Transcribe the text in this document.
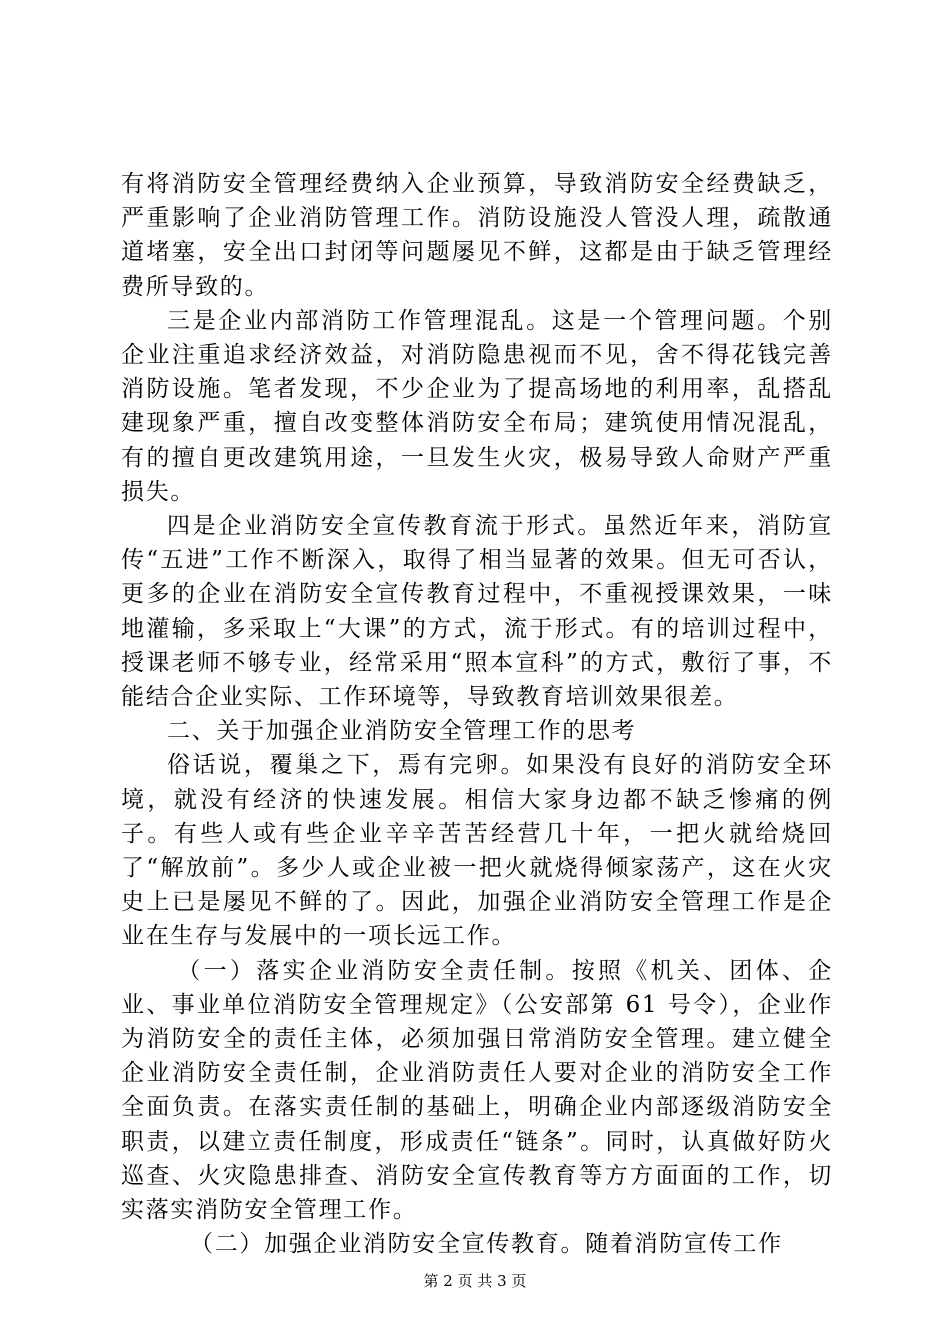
有将消防安全管理经费纳入企业预算，导致消防安全经费缺乏，严重影响了企业消防管理工作。消防设施没人管没人理，疏散通道堵塞，安全出口封闭等问题屡见不鲜，这都是由于缺乏管理经费所导致的。

三是企业内部消防工作管理混乱。这是一个管理问题。个别企业注重追求经济效益，对消防隐患视而不见，舍不得花钱完善消防设施。笔者发现，不少企业为了提高场地的利用率，乱搭乱建现象严重，擅自改变整体消防安全布局；建筑使用情况混乱，有的擅自更改建筑用途，一旦发生火灾，极易导致人命财产严重损失。

四是企业消防安全宣传教育流于形式。虽然近年来，消防宣传“五进”工作不断深入，取得了相当显著的效果。但无可否认，更多的企业在消防安全宣传教育过程中，不重视授课效果，一味地灌输，多采取上“大课”的方式，流于形式。有的培训过程中，授课老师不够专业，经常采用“照本宣科”的方式，敷衍了事，不能结合企业实际、工作环境等，导致教育培训效果很差。

二、关于加强企业消防安全管理工作的思考

俗话说，覆巢之下，焉有完卵。如果没有良好的消防安全环境，就没有经济的快速发展。相信大家身边都不缺乏惨痛的例子。有些人或有些企业辛辛苦苦经营几十年，一把火就给烧回了“解放前”。多少人或企业被一把火就烧得倾家荡产，这在火灾史上已是屡见不鲜的了。因此，加强企业消防安全管理工作是企业在生存与发展中的一项长远工作。

（一）落实企业消防安全责任制。按照《机关、团体、企业、事业单位消防安全管理规定》（公安部第 61 号令），企业作为消防安全的责任主体，必须加强日常消防安全管理。建立健全企业消防安全责任制，企业消防责任人要对企业的消防安全工作全面负责。在落实责任制的基础上，明确企业内部逐级消防安全职责，以建立责任制度，形成责任“链条”。同时，认真做好防火巡查、火灾隐患排查、消防安全宣传教育等方方面面的工作，切实落实消防安全管理工作。

（二）加强企业消防安全宣传教育。随着消防宣传工作

第 2 页 共 3 页
